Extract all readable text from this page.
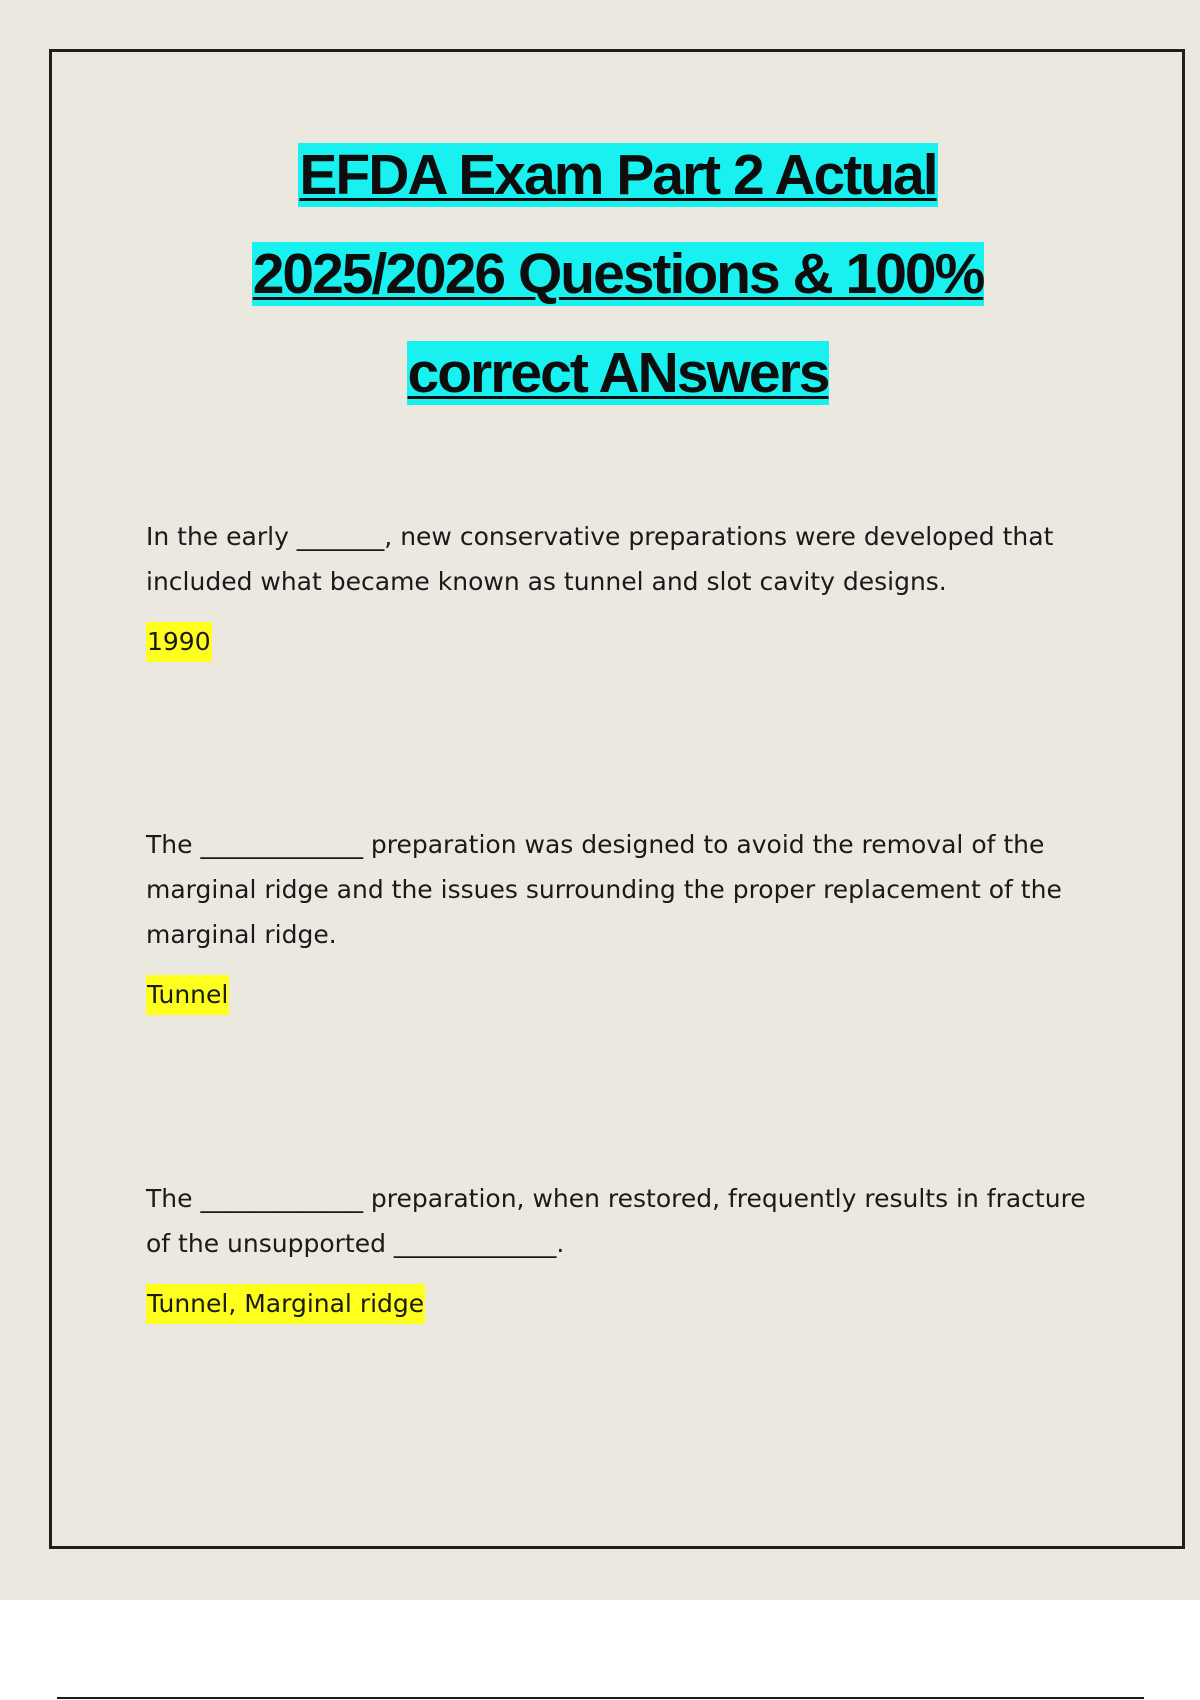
EFDA Exam Part 2 Actual
2025/2026 Questions & 100%
correct ANswers

In the early _______, new conservative preparations were developed that included what became known as tunnel and slot cavity designs.

1990

The _____________ preparation was designed to avoid the removal of the marginal ridge and the issues surrounding the proper replacement of the marginal ridge.

Tunnel

The _____________ preparation, when restored, frequently results in fracture of the unsupported _____________.

Tunnel, Marginal ridge
